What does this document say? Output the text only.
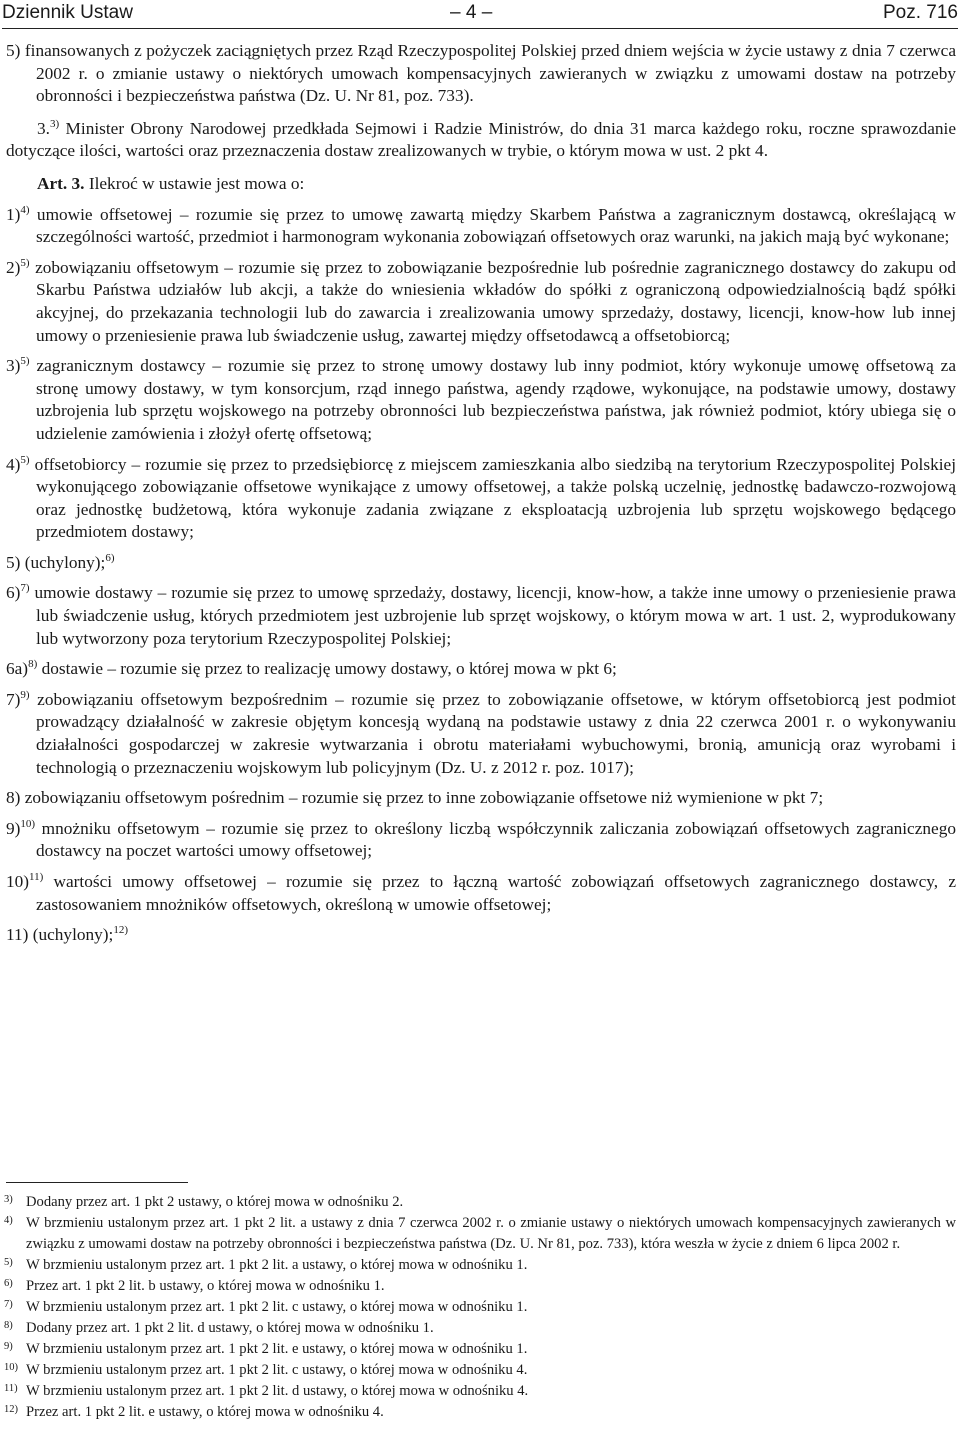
Dziennik Ustaw	– 4 –	Poz. 716

5) finansowanych z pożyczek zaciągniętych przez Rząd Rzeczypospolitej Polskiej przed dniem wejścia w życie ustawy z dnia 7 czerwca 2002 r. o zmianie ustawy o niektórych umowach kompensacyjnych zawieranych w związku z umowami dostaw na potrzeby obronności i bezpieczeństwa państwa (Dz. U. Nr 81, poz. 733).

3.$^{3)}$ Minister Obrony Narodowej przedkłada Sejmowi i Radzie Ministrów, do dnia 31 marca każdego roku, roczne sprawozdanie dotyczące ilości, wartości oraz przeznaczenia dostaw zrealizowanych w trybie, o którym mowa w ust. 2 pkt 4.

Art. 3. Ilekroć w ustawie jest mowa o:

1)$^{4)}$ umowie offsetowej – rozumie się przez to umowę zawartą między Skarbem Państwa a zagranicznym dostawcą, określającą w szczególności wartość, przedmiot i harmonogram wykonania zobowiązań offsetowych oraz warunki, na jakich mają być wykonane;

2)$^{5)}$ zobowiązaniu offsetowym – rozumie się przez to zobowiązanie bezpośrednie lub pośrednie zagranicznego dostawcy do zakupu od Skarbu Państwa udziałów lub akcji, a także do wniesienia wkładów do spółki z ograniczoną odpowiedzialnością bądź spółki akcyjnej, do przekazania technologii lub do zawarcia i zrealizowania umowy sprzedaży, dostawy, licencji, know-how lub innej umowy o przeniesienie prawa lub świadczenie usług, zawartej między offsetodawcą a offsetobiorcą;

3)$^{5)}$ zagranicznym dostawcy – rozumie się przez to stronę umowy dostawy lub inny podmiot, który wykonuje umowę offsetową za stronę umowy dostawy, w tym konsorcjum, rząd innego państwa, agendy rządowe, wykonujące, na podstawie umowy, dostawy uzbrojenia lub sprzętu wojskowego na potrzeby obronności lub bezpieczeństwa państwa, jak również podmiot, który ubiega się o udzielenie zamówienia i złożył ofertę offsetową;

4)$^{5)}$ offsetobiorcy – rozumie się przez to przedsiębiorcę z miejscem zamieszkania albo siedzibą na terytorium Rzeczypospolitej Polskiej wykonującego zobowiązanie offsetowe wynikające z umowy offsetowej, a także polską uczelnię, jednostkę badawczo-rozwojową oraz jednostkę budżetową, która wykonuje zadania związane z eksploatacją uzbrojenia lub sprzętu wojskowego będącego przedmiotem dostawy;

5) (uchylony);$^{6)}$

6)$^{7)}$ umowie dostawy – rozumie się przez to umowę sprzedaży, dostawy, licencji, know-how, a także inne umowy o przeniesienie prawa lub świadczenie usług, których przedmiotem jest uzbrojenie lub sprzęt wojskowy, o którym mowa w art. 1 ust. 2, wyprodukowany lub wytworzony poza terytorium Rzeczypospolitej Polskiej;

6a)$^{8)}$ dostawie – rozumie się przez to realizację umowy dostawy, o której mowa w pkt 6;

7)$^{9)}$ zobowiązaniu offsetowym bezpośrednim – rozumie się przez to zobowiązanie offsetowe, w którym offsetobiorcą jest podmiot prowadzący działalność w zakresie objętym koncesją wydaną na podstawie ustawy z dnia 22 czerwca 2001 r. o wykonywaniu działalności gospodarczej w zakresie wytwarzania i obrotu materiałami wybuchowymi, bronią, amunicją oraz wyrobami i technologią o przeznaczeniu wojskowym lub policyjnym (Dz. U. z 2012 r. poz. 1017);

8) zobowiązaniu offsetowym pośrednim – rozumie się przez to inne zobowiązanie offsetowe niż wymienione w pkt 7;

9)$^{10)}$ mnożniku offsetowym – rozumie się przez to określony liczbą współczynnik zaliczania zobowiązań offsetowych zagranicznego dostawcy na poczet wartości umowy offsetowej;

10)$^{11)}$ wartości umowy offsetowej – rozumie się przez to łączną wartość zobowiązań offsetowych zagranicznego dostawcy, z zastosowaniem mnożników offsetowych, określoną w umowie offsetowej;

11) (uchylony);$^{12)}$

3) Dodany przez art. 1 pkt 2 ustawy, o której mowa w odnośniku 2.
4) W brzmieniu ustalonym przez art. 1 pkt 2 lit. a ustawy z dnia 7 czerwca 2002 r. o zmianie ustawy o niektórych umowach kompensacyjnych zawieranych w związku z umowami dostaw na potrzeby obronności i bezpieczeństwa państwa (Dz. U. Nr 81, poz. 733), która weszła w życie z dniem 6 lipca 2002 r.
5) W brzmieniu ustalonym przez art. 1 pkt 2 lit. a ustawy, o której mowa w odnośniku 1.
6) Przez art. 1 pkt 2 lit. b ustawy, o której mowa w odnośniku 1.
7) W brzmieniu ustalonym przez art. 1 pkt 2 lit. c ustawy, o której mowa w odnośniku 1.
8) Dodany przez art. 1 pkt 2 lit. d ustawy, o której mowa w odnośniku 1.
9) W brzmieniu ustalonym przez art. 1 pkt 2 lit. e ustawy, o której mowa w odnośniku 1.
10) W brzmieniu ustalonym przez art. 1 pkt 2 lit. c ustawy, o której mowa w odnośniku 4.
11) W brzmieniu ustalonym przez art. 1 pkt 2 lit. d ustawy, o której mowa w odnośniku 4.
12) Przez art. 1 pkt 2 lit. e ustawy, o której mowa w odnośniku 4.
